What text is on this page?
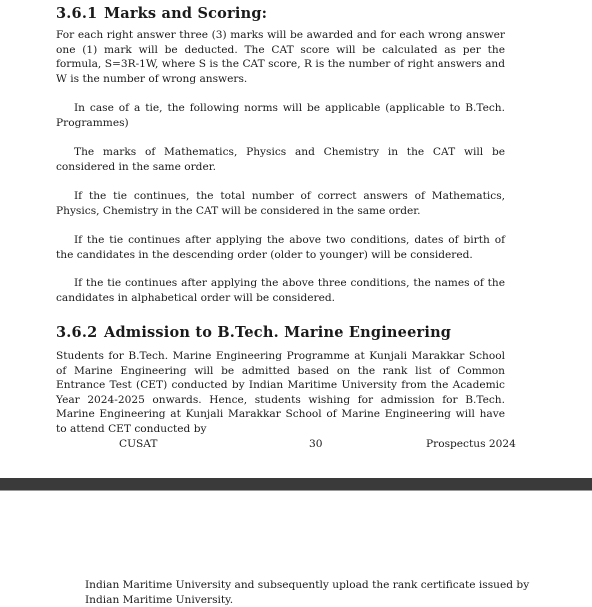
3.6.1 Marks and Scoring:

For each right answer three (3) marks will be awarded and for each wrong answer one (1) mark will be deducted. The CAT score will be calculated as per the formula, S=3R-1W, where S is the CAT score, R is the number of right answers and W is the number of wrong answers.

In case of a tie, the following norms will be applicable (applicable to B.Tech. Programmes)

The marks of Mathematics, Physics and Chemistry in the CAT will be considered in the same order.

If the tie continues, the total number of correct answers of Mathematics, Physics, Chemistry in the CAT will be considered in the same order.

If the tie continues after applying the above two conditions, dates of birth of the candidates in the descending order (older to younger) will be considered.

If the tie continues after applying the above three conditions, the names of the candidates in alphabetical order will be considered.

3.6.2 Admission to B.Tech. Marine Engineering

Students for B.Tech. Marine Engineering Programme at Kunjali Marakkar School of Marine Engineering will be admitted based on the rank list of Common Entrance Test (CET) conducted by Indian Maritime University from the Academic Year 2024-2025 onwards. Hence, students wishing for admission for B.Tech. Marine Engineering at Kunjali Marakkar School of Marine Engineering will have to attend CET conducted by

CUSAT	30	Prospectus 2024

Indian Maritime University and subsequently upload the rank certificate issued by Indian Maritime University.
